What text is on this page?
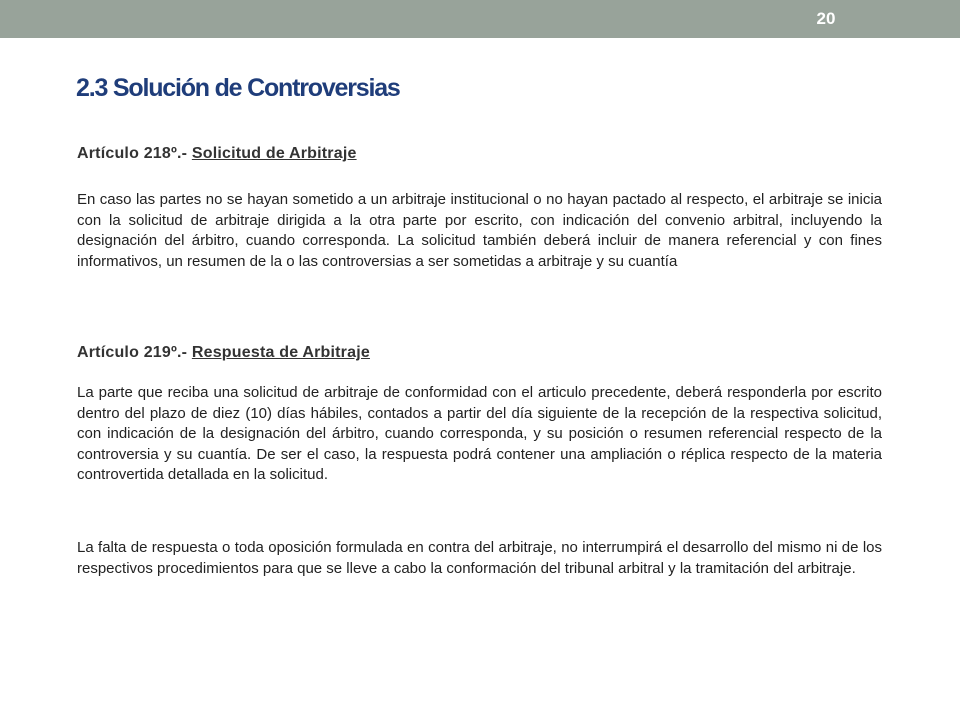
20
2.3 Solución de Controversias
Artículo 218º.- Solicitud de Arbitraje

En caso las partes no se hayan sometido a un arbitraje institucional o no hayan pactado al respecto, el arbitraje se inicia con la solicitud de arbitraje dirigida a la otra parte por escrito, con indicación del convenio arbitral, incluyendo la designación del árbitro, cuando corresponda. La solicitud también deberá incluir de manera referencial y con fines informativos, un resumen de la o las controversias a ser sometidas a arbitraje y su cuantía

Artículo 219º.- Respuesta de Arbitraje

La parte que reciba una solicitud de arbitraje de conformidad con el articulo precedente, deberá responderla por escrito dentro del plazo de diez (10) días hábiles, contados a partir del día siguiente de la recepción de la respectiva solicitud, con indicación de la designación del árbitro, cuando corresponda, y su posición o resumen referencial respecto de la controversia y su cuantía. De ser el caso, la respuesta podrá contener una ampliación o réplica respecto de la materia controvertida detallada en la solicitud.

La falta de respuesta o toda oposición formulada en contra del arbitraje, no interrumpirá el desarrollo del mismo ni de los respectivos procedimientos para que se lleve a cabo la conformación del tribunal arbitral y la tramitación del arbitraje.
